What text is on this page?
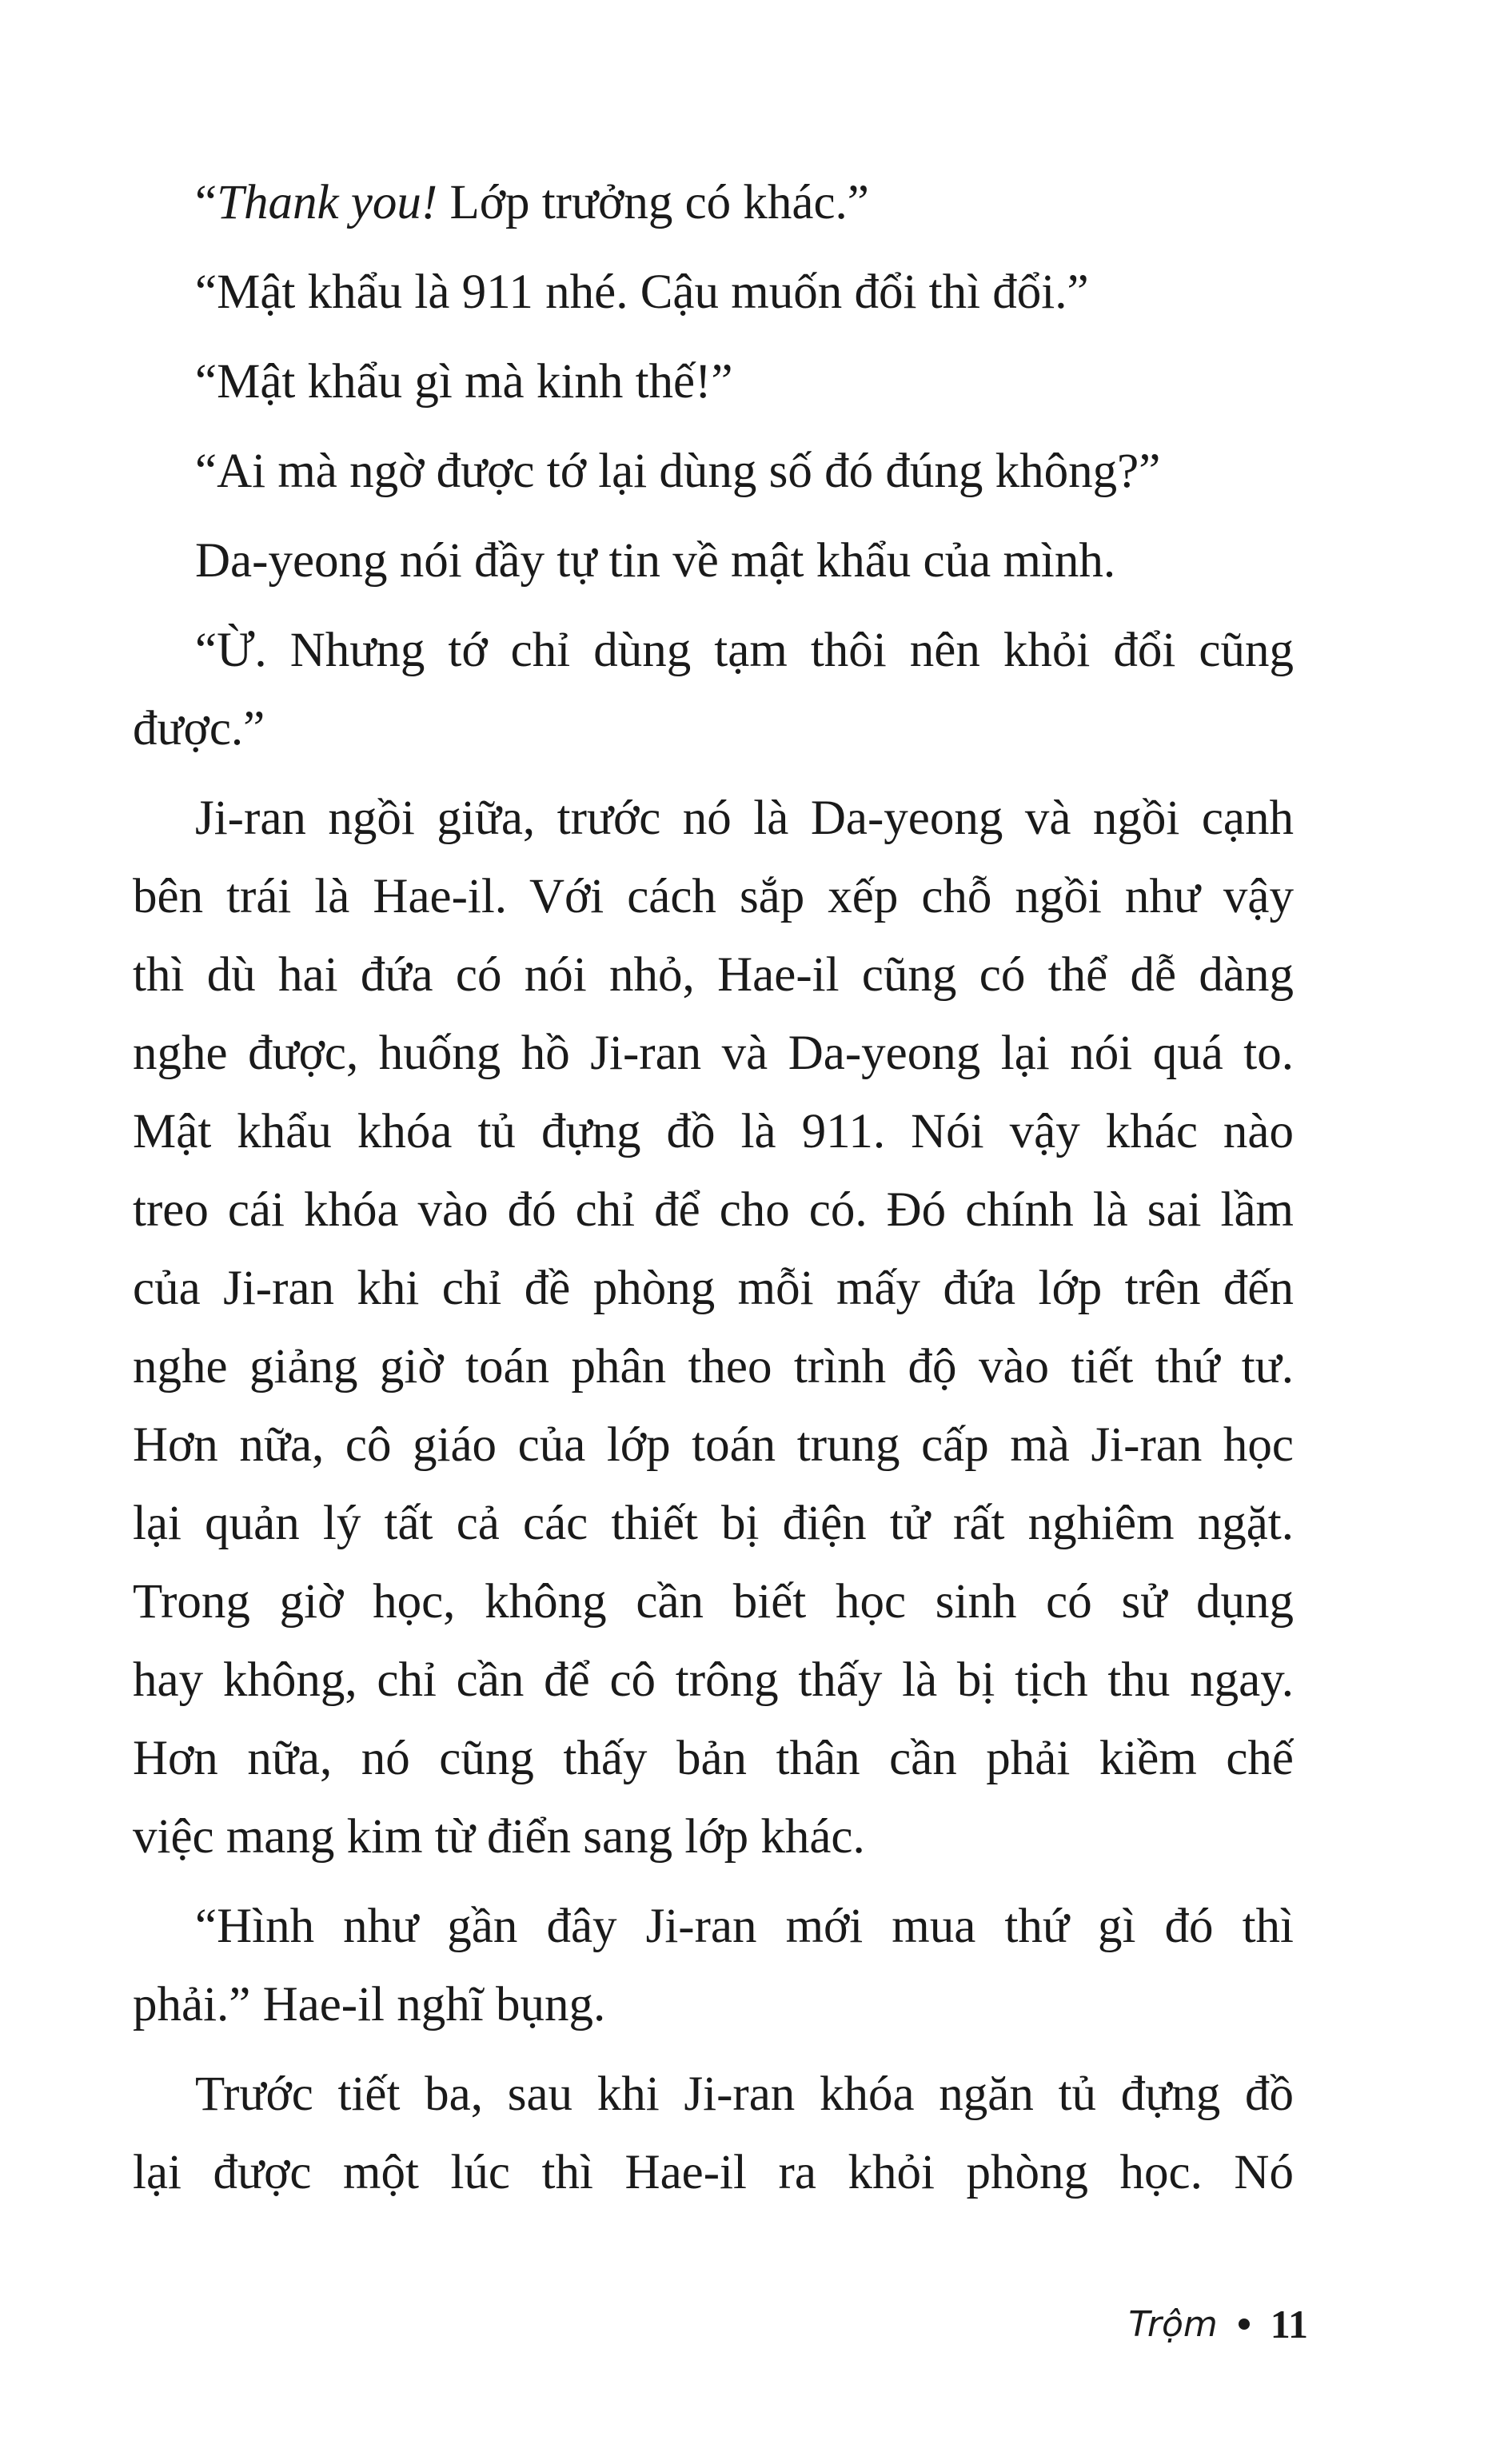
“Thank you! Lớp trưởng có khác.”
“Mật khẩu là 911 nhé. Cậu muốn đổi thì đổi.”
“Mật khẩu gì mà kinh thế!”
“Ai mà ngờ được tớ lại dùng số đó đúng không?”
Da-yeong nói đầy tự tin về mật khẩu của mình.
“Ừ. Nhưng tớ chỉ dùng tạm thôi nên khỏi đổi cũng
được.”
Ji-ran ngồi giữa, trước nó là Da-yeong và ngồi cạnh
bên trái là Hae-il. Với cách sắp xếp chỗ ngồi như vậy
thì dù hai đứa có nói nhỏ, Hae-il cũng có thể dễ dàng
nghe được, huống hồ Ji-ran và Da-yeong lại nói quá to.
Mật khẩu khóa tủ đựng đồ là 911. Nói vậy khác nào
treo cái khóa vào đó chỉ để cho có. Đó chính là sai lầm
của Ji-ran khi chỉ đề phòng mỗi mấy đứa lớp trên đến
nghe giảng giờ toán phân theo trình độ vào tiết thứ tư.
Hơn nữa, cô giáo của lớp toán trung cấp mà Ji-ran học
lại quản lý tất cả các thiết bị điện tử rất nghiêm ngặt.
Trong giờ học, không cần biết học sinh có sử dụng
hay không, chỉ cần để cô trông thấy là bị tịch thu ngay.
Hơn nữa, nó cũng thấy bản thân cần phải kiềm chế
việc mang kim từ điển sang lớp khác.
“Hình như gần đây Ji-ran mới mua thứ gì đó thì
phải.” Hae-il nghĩ bụng.
Trước tiết ba, sau khi Ji-ran khóa ngăn tủ đựng đồ
lại được một lúc thì Hae-il ra khỏi phòng học. Nó
Trộm 11
